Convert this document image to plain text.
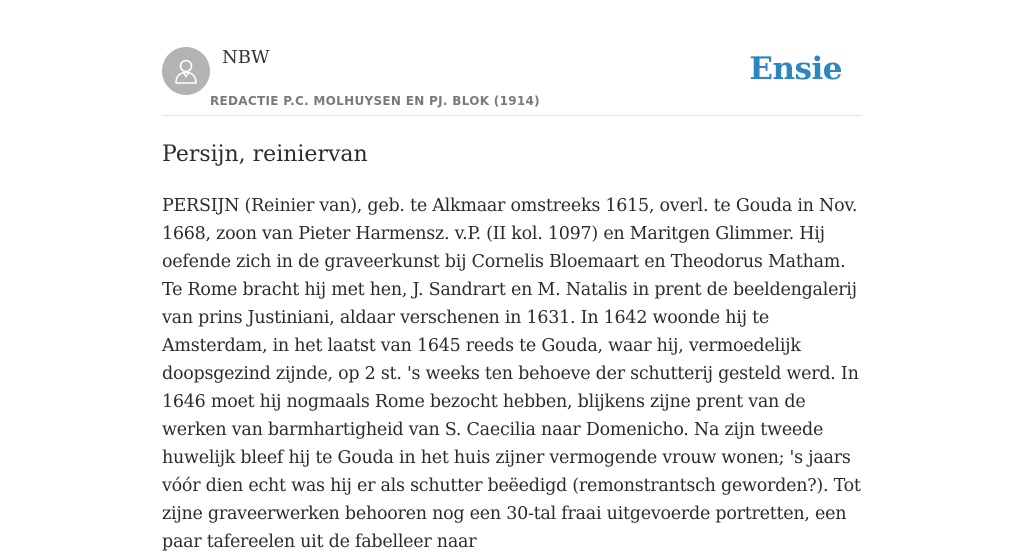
NBW
REDACTIE P.C. MOLHUYSEN EN PJ. BLOK (1914)
Ensie
Persijn, reiniervan

PERSIJN (Reinier van), geb. te Alkmaar omstreeks 1615, overl. te Gouda in Nov. 1668, zoon van Pieter Harmensz. v.P. (II kol. 1097) en Maritgen Glimmer. Hij oefende zich in de graveerkunst bij Cornelis Bloemaart en Theodorus Matham. Te Rome bracht hij met hen, J. Sandrart en M. Natalis in prent de beeldengalerij van prins Justiniani, aldaar verschenen in 1631. In 1642 woonde hij te Amsterdam, in het laatst van 1645 reeds te Gouda, waar hij, vermoedelijk doopsgezind zijnde, op 2 st. 's weeks ten behoeve der schutterij gesteld werd. In 1646 moet hij nogmaals Rome bezocht hebben, blijkens zijne prent van de werken van barmhartigheid van S. Caecilia naar Domenicho. Na zijn tweede huwelijk bleef hij te Gouda in het huis zijner vermogende vrouw wonen; 's jaars vóór dien echt was hij er als schutter beëedigd (remonstrantsch geworden?). Tot zijne graveerwerken behooren nog een 30-tal fraai uitgevoerde portretten, een paar tafereelen uit de fabelleer naar
